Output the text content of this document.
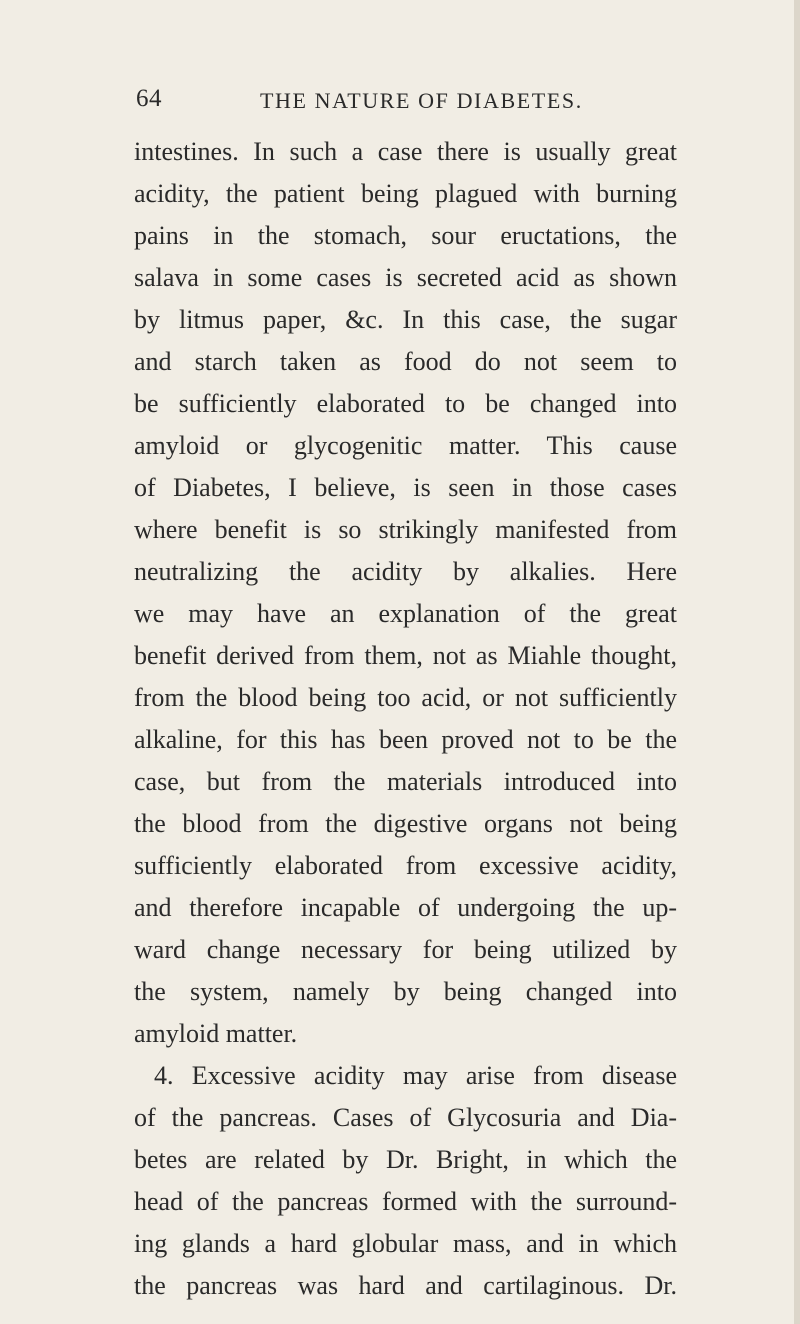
64	THE NATURE OF DIABETES.
intestines. In such a case there is usually great
acidity, the patient being plagued with burning
pains in the stomach, sour eructations, the
salava in some cases is secreted acid as shown
by litmus paper, &c. In this case, the sugar
and starch taken as food do not seem to
be sufficiently elaborated to be changed into
amyloid or glycogenitic matter. This cause
of Diabetes, I believe, is seen in those cases
where benefit is so strikingly manifested from
neutralizing the acidity by alkalies. Here
we may have an explanation of the great
benefit derived from them, not as Miahle thought,
from the blood being too acid, or not sufficiently
alkaline, for this has been proved not to be the
case, but from the materials introduced into
the blood from the digestive organs not being
sufficiently elaborated from excessive acidity,
and therefore incapable of undergoing the up-
ward change necessary for being utilized by
the system, namely by being changed into
amyloid matter.
4. Excessive acidity may arise from disease
of the pancreas. Cases of Glycosuria and Dia-
betes are related by Dr. Bright, in which the
head of the pancreas formed with the surround-
ing glands a hard globular mass, and in which
the pancreas was hard and cartilaginous. Dr.
